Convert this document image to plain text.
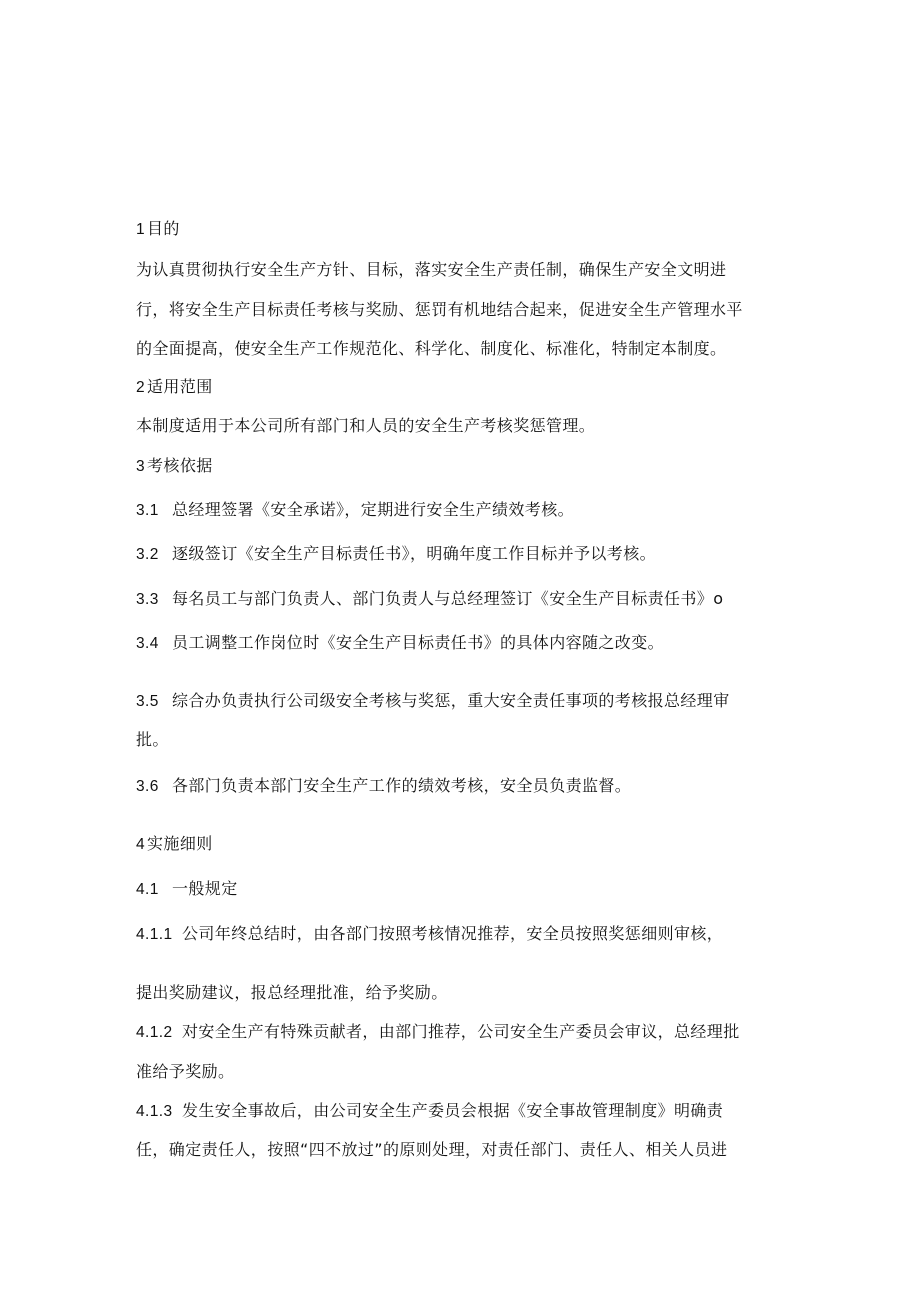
1 目的
为认真贯彻执行安全生产方针、目标，落实安全生产责任制，确保生产安全文明进
行，将安全生产目标责任考核与奖励、惩罚有机地结合起来，促进安全生产管理水平
的全面提高，使安全生产工作规范化、科学化、制度化、标准化，特制定本制度。
2 适用范围
本制度适用于本公司所有部门和人员的安全生产考核奖惩管理。
3 考核依据
3.1 总经理签署《安全承诺》，定期进行安全生产绩效考核。
3.2 逐级签订《安全生产目标责任书》，明确年度工作目标并予以考核。
3.3 每名员工与部门负责人、部门负责人与总经理签订《安全生产目标责任书》o
3.4 员工调整工作岗位时《安全生产目标责任书》的具体内容随之改变。
3.5 综合办负责执行公司级安全考核与奖惩，重大安全责任事项的考核报总经理审
批。
3.6 各部门负责本部门安全生产工作的绩效考核，安全员负责监督。
4 实施细则
4.1 一般规定
4.1.1 公司年终总结时，由各部门按照考核情况推荐，安全员按照奖惩细则审核，
提出奖励建议，报总经理批准，给予奖励。
4.1.2 对安全生产有特殊贡献者，由部门推荐，公司安全生产委员会审议，总经理批
准给予奖励。
4.1.3 发生安全事故后，由公司安全生产委员会根据《安全事故管理制度》明确责
任，确定责任人，按照“四不放过”的原则处理，对责任部门、责任人、相关人员进
